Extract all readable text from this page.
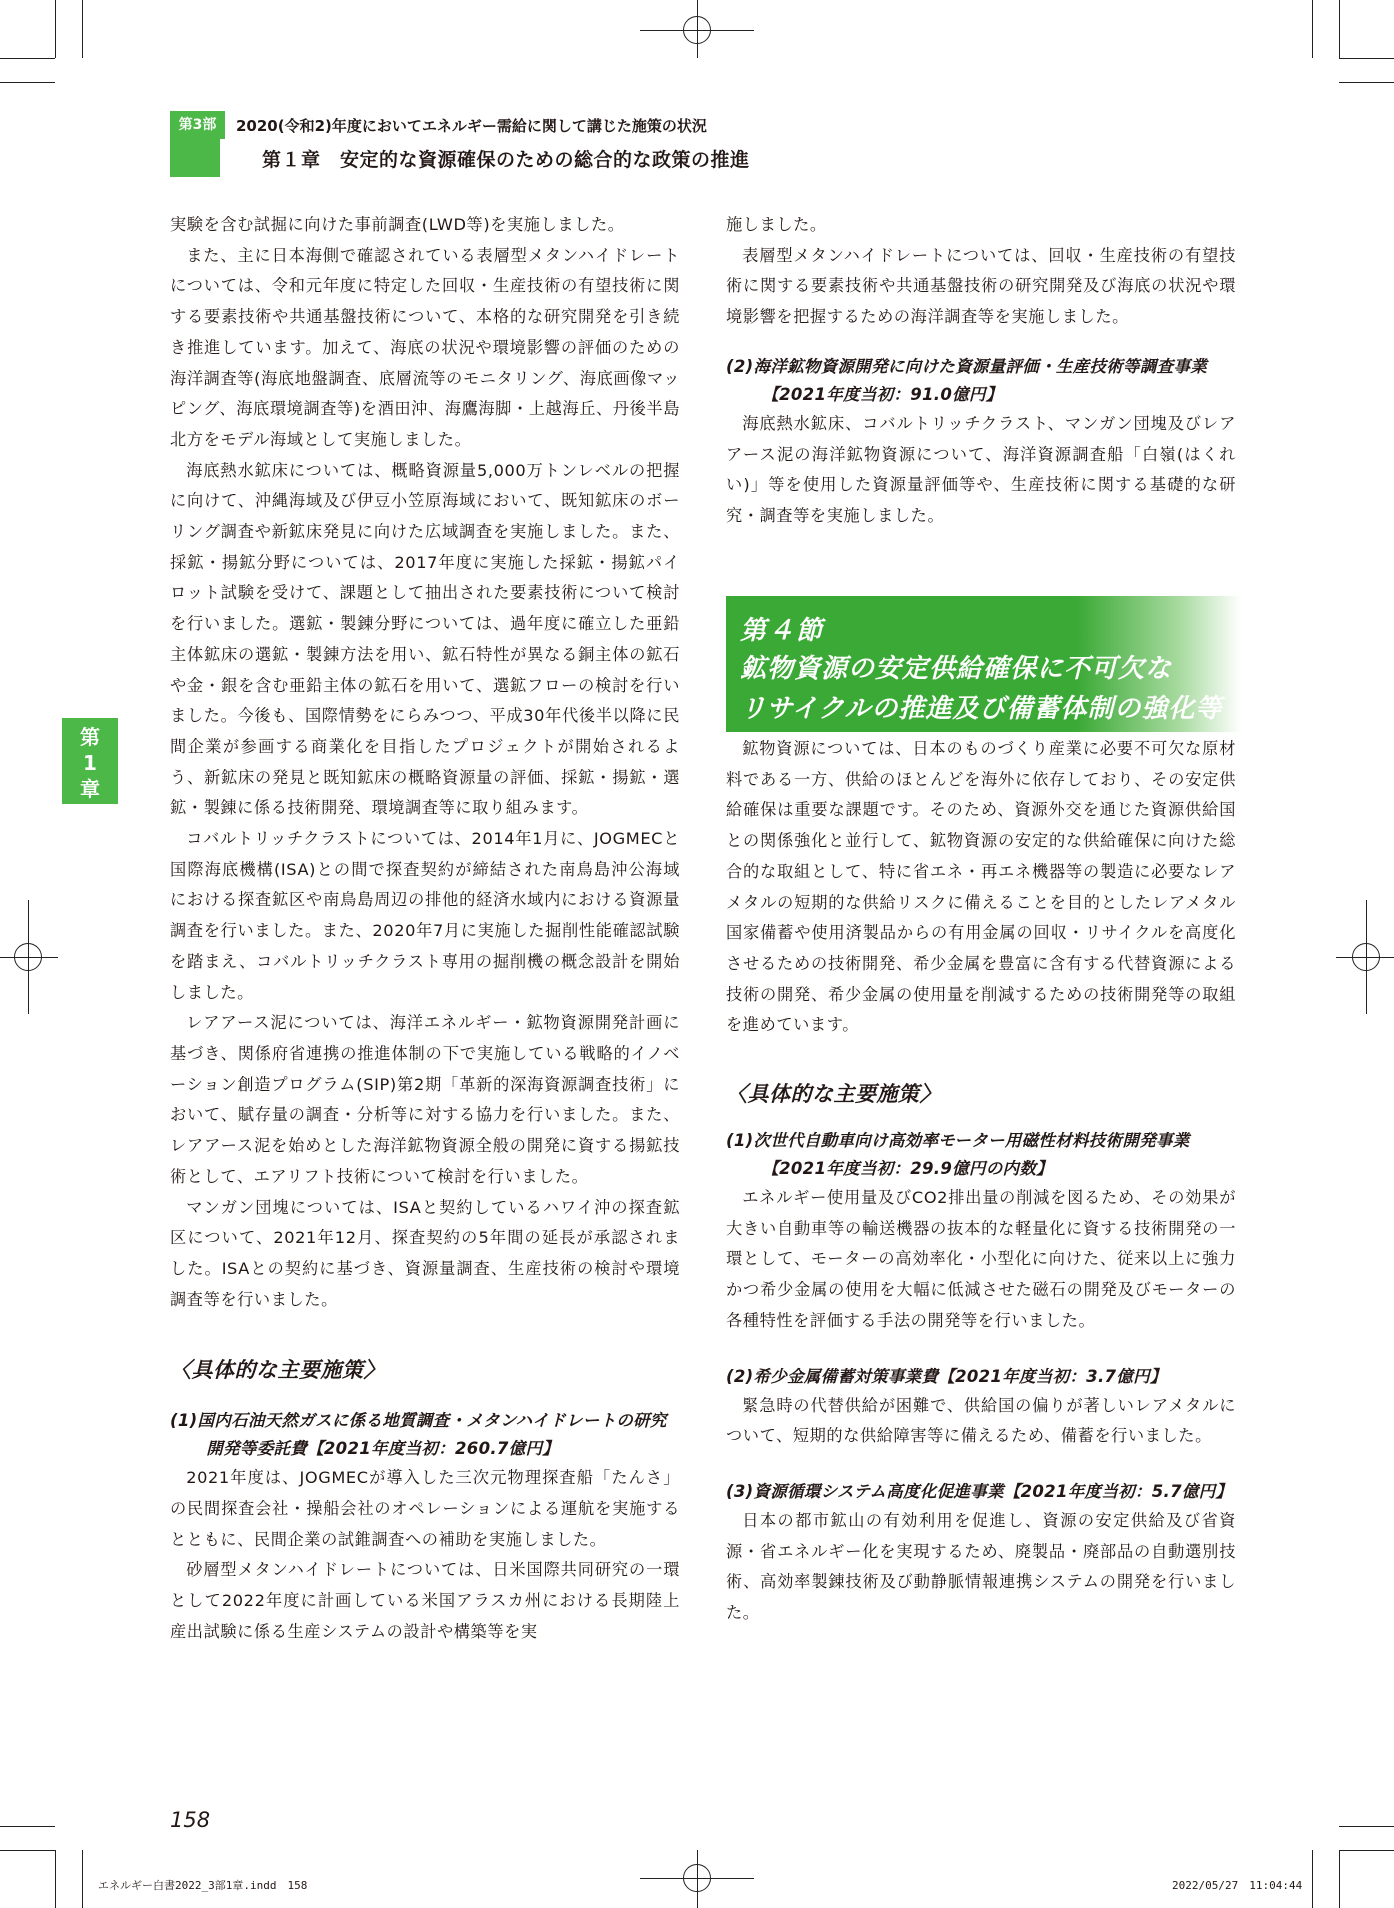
第3部	2020(令和2)年度においてエネルギー需給に関して講じた施策の状況
第１章　安定的な資源確保のための総合的な政策の推進
第
1
章

実験を含む試掘に向けた事前調査(LWD等)を実施しました。

また、主に日本海側で確認されている表層型メタンハイドレートについては、令和元年度に特定した回収・生産技術の有望技術に関する要素技術や共通基盤技術について、本格的な研究開発を引き続き推進しています。加えて、海底の状況や環境影響の評価のための海洋調査等(海底地盤調査、底層流等のモニタリング、海底画像マッピング、海底環境調査等)を酒田沖、海鷹海脚・上越海丘、丹後半島北方をモデル海域として実施しました。

海底熱水鉱床については、概略資源量5,000万トンレベルの把握に向けて、沖縄海域及び伊豆小笠原海域において、既知鉱床のボーリング調査や新鉱床発見に向けた広域調査を実施しました。また、採鉱・揚鉱分野については、2017年度に実施した採鉱・揚鉱パイロット試験を受けて、課題として抽出された要素技術について検討を行いました。選鉱・製錬分野については、過年度に確立した亜鉛主体鉱床の選鉱・製錬方法を用い、鉱石特性が異なる銅主体の鉱石や金・銀を含む亜鉛主体の鉱石を用いて、選鉱フローの検討を行いました。今後も、国際情勢をにらみつつ、平成30年代後半以降に民間企業が参画する商業化を目指したプロジェクトが開始されるよう、新鉱床の発見と既知鉱床の概略資源量の評価、採鉱・揚鉱・選鉱・製錬に係る技術開発、環境調査等に取り組みます。

コバルトリッチクラストについては、2014年1月に、JOGMECと国際海底機構(ISA)との間で探査契約が締結された南鳥島沖公海域における探査鉱区や南鳥島周辺の排他的経済水域内における資源量調査を行いました。また、2020年7月に実施した掘削性能確認試験を踏まえ、コバルトリッチクラスト専用の掘削機の概念設計を開始しました。

レアアース泥については、海洋エネルギー・鉱物資源開発計画に基づき、関係府省連携の推進体制の下で実施している戦略的イノベーション創造プログラム(SIP)第2期「革新的深海資源調査技術」において、賦存量の調査・分析等に対する協力を行いました。また、レアアース泥を始めとした海洋鉱物資源全般の開発に資する揚鉱技術として、エアリフト技術について検討を行いました。

マンガン団塊については、ISAと契約しているハワイ沖の探査鉱区について、2021年12月、探査契約の5年間の延長が承認されました。ISAとの契約に基づき、資源量調査、生産技術の検討や環境調査等を行いました。

〈具体的な主要施策〉

(1)国内石油天然ガスに係る地質調査・メタンハイドレートの研究開発等委託費【2021年度当初：260.7億円】

2021年度は、JOGMECが導入した三次元物理探査船「たんさ」の民間探査会社・操船会社のオペレーションによる運航を実施するとともに、民間企業の試錐調査への補助を実施しました。

砂層型メタンハイドレートについては、日米国際共同研究の一環として2022年度に計画している米国アラスカ州における長期陸上産出試験に係る生産システムの設計や構築等を実

施しました。

表層型メタンハイドレートについては、回収・生産技術の有望技術に関する要素技術や共通基盤技術の研究開発及び海底の状況や環境影響を把握するための海洋調査等を実施しました。

(2)海洋鉱物資源開発に向けた資源量評価・生産技術等調査事業【2021年度当初：91.0億円】

海底熱水鉱床、コバルトリッチクラスト、マンガン団塊及びレアアース泥の海洋鉱物資源について、海洋資源調査船「白嶺(はくれい)」等を使用した資源量評価等や、生産技術に関する基礎的な研究・調査等を実施しました。

第４節
鉱物資源の安定供給確保に不可欠な
リサイクルの推進及び備蓄体制の強化等

鉱物資源については、日本のものづくり産業に必要不可欠な原材料である一方、供給のほとんどを海外に依存しており、その安定供給確保は重要な課題です。そのため、資源外交を通じた資源供給国との関係強化と並行して、鉱物資源の安定的な供給確保に向けた総合的な取組として、特に省エネ・再エネ機器等の製造に必要なレアメタルの短期的な供給リスクに備えることを目的としたレアメタル国家備蓄や使用済製品からの有用金属の回収・リサイクルを高度化させるための技術開発、希少金属を豊富に含有する代替資源による技術の開発、希少金属の使用量を削減するための技術開発等の取組を進めています。

〈具体的な主要施策〉

(1)次世代自動車向け高効率モーター用磁性材料技術開発事業【2021年度当初：29.9億円の内数】

エネルギー使用量及びCO2排出量の削減を図るため、その効果が大きい自動車等の輸送機器の抜本的な軽量化に資する技術開発の一環として、モーターの高効率化・小型化に向けた、従来以上に強力かつ希少金属の使用を大幅に低減させた磁石の開発及びモーターの各種特性を評価する手法の開発等を行いました。

(2)希少金属備蓄対策事業費【2021年度当初：3.7億円】

緊急時の代替供給が困難で、供給国の偏りが著しいレアメタルについて、短期的な供給障害等に備えるため、備蓄を行いました。

(3)資源循環システム高度化促進事業【2021年度当初：5.7億円】

日本の都市鉱山の有効利用を促進し、資源の安定供給及び省資源・省エネルギー化を実現するため、廃製品・廃部品の自動選別技術、高効率製錬技術及び動静脈情報連携システムの開発を行いました。

158
エネルギー白書2022_3部1章.indd　158	2022/05/27　11:04:44
